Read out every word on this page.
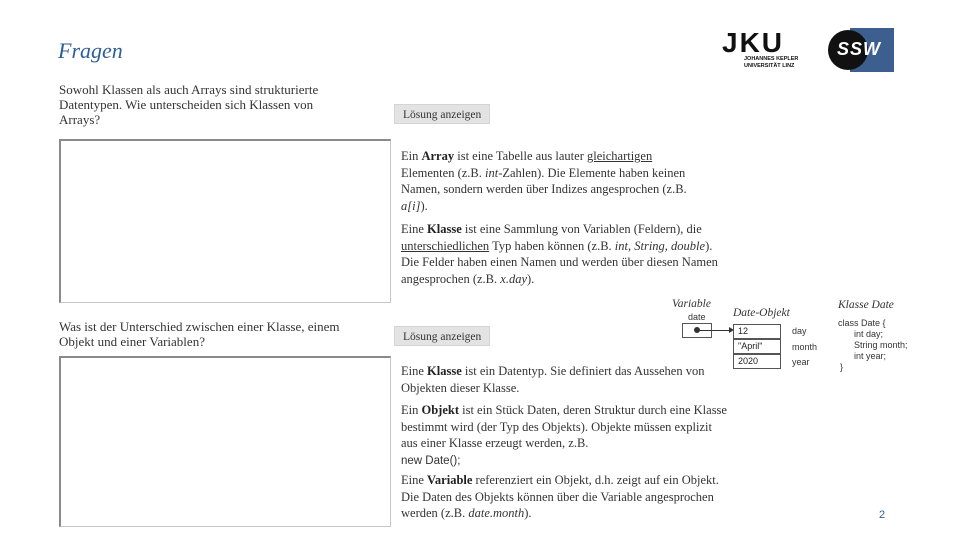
Fragen	JKU
JOHANNES KEPLER
UNIVERSITÄT LINZ
SSW
Sowohl Klassen als auch Arrays sind strukturierte Datentypen. Wie unterscheiden sich Klassen von Arrays?	Lösung anzeigen
Ein Array ist eine Tabelle aus lauter gleichartigen Elementen (z.B. int-Zahlen). Die Elemente haben keinen Namen, sondern werden über Indizes angesprochen (z.B. a[i]).
Eine Klasse ist eine Sammlung von Variablen (Feldern), die unterschiedlichen Typ haben können (z.B. int, String, double). Die Felder haben einen Namen und werden über diesen Namen angesprochen (z.B. x.day).
Was ist der Unterschied zwischen einer Klasse, einem Objekt und einer Variablen?	Lösung anzeigen
Eine Klasse ist ein Datentyp. Sie definiert das Aussehen von Objekten dieser Klasse.
Ein Objekt ist ein Stück Daten, deren Struktur durch eine Klasse bestimmt wird (der Typ des Objekts). Objekte müssen explizit aus einer Klasse erzeugt werden, z.B.
new Date();
Eine Variable referenziert ein Objekt, d.h. zeigt auf ein Objekt. Die Daten des Objekts können über die Variable angesprochen werden (z.B. date.month).
Variable
date Date-Objekt
12
"April"
2020
day
month
year
Klasse Date
class Date {
int day;
String month;
int year;
}
2
